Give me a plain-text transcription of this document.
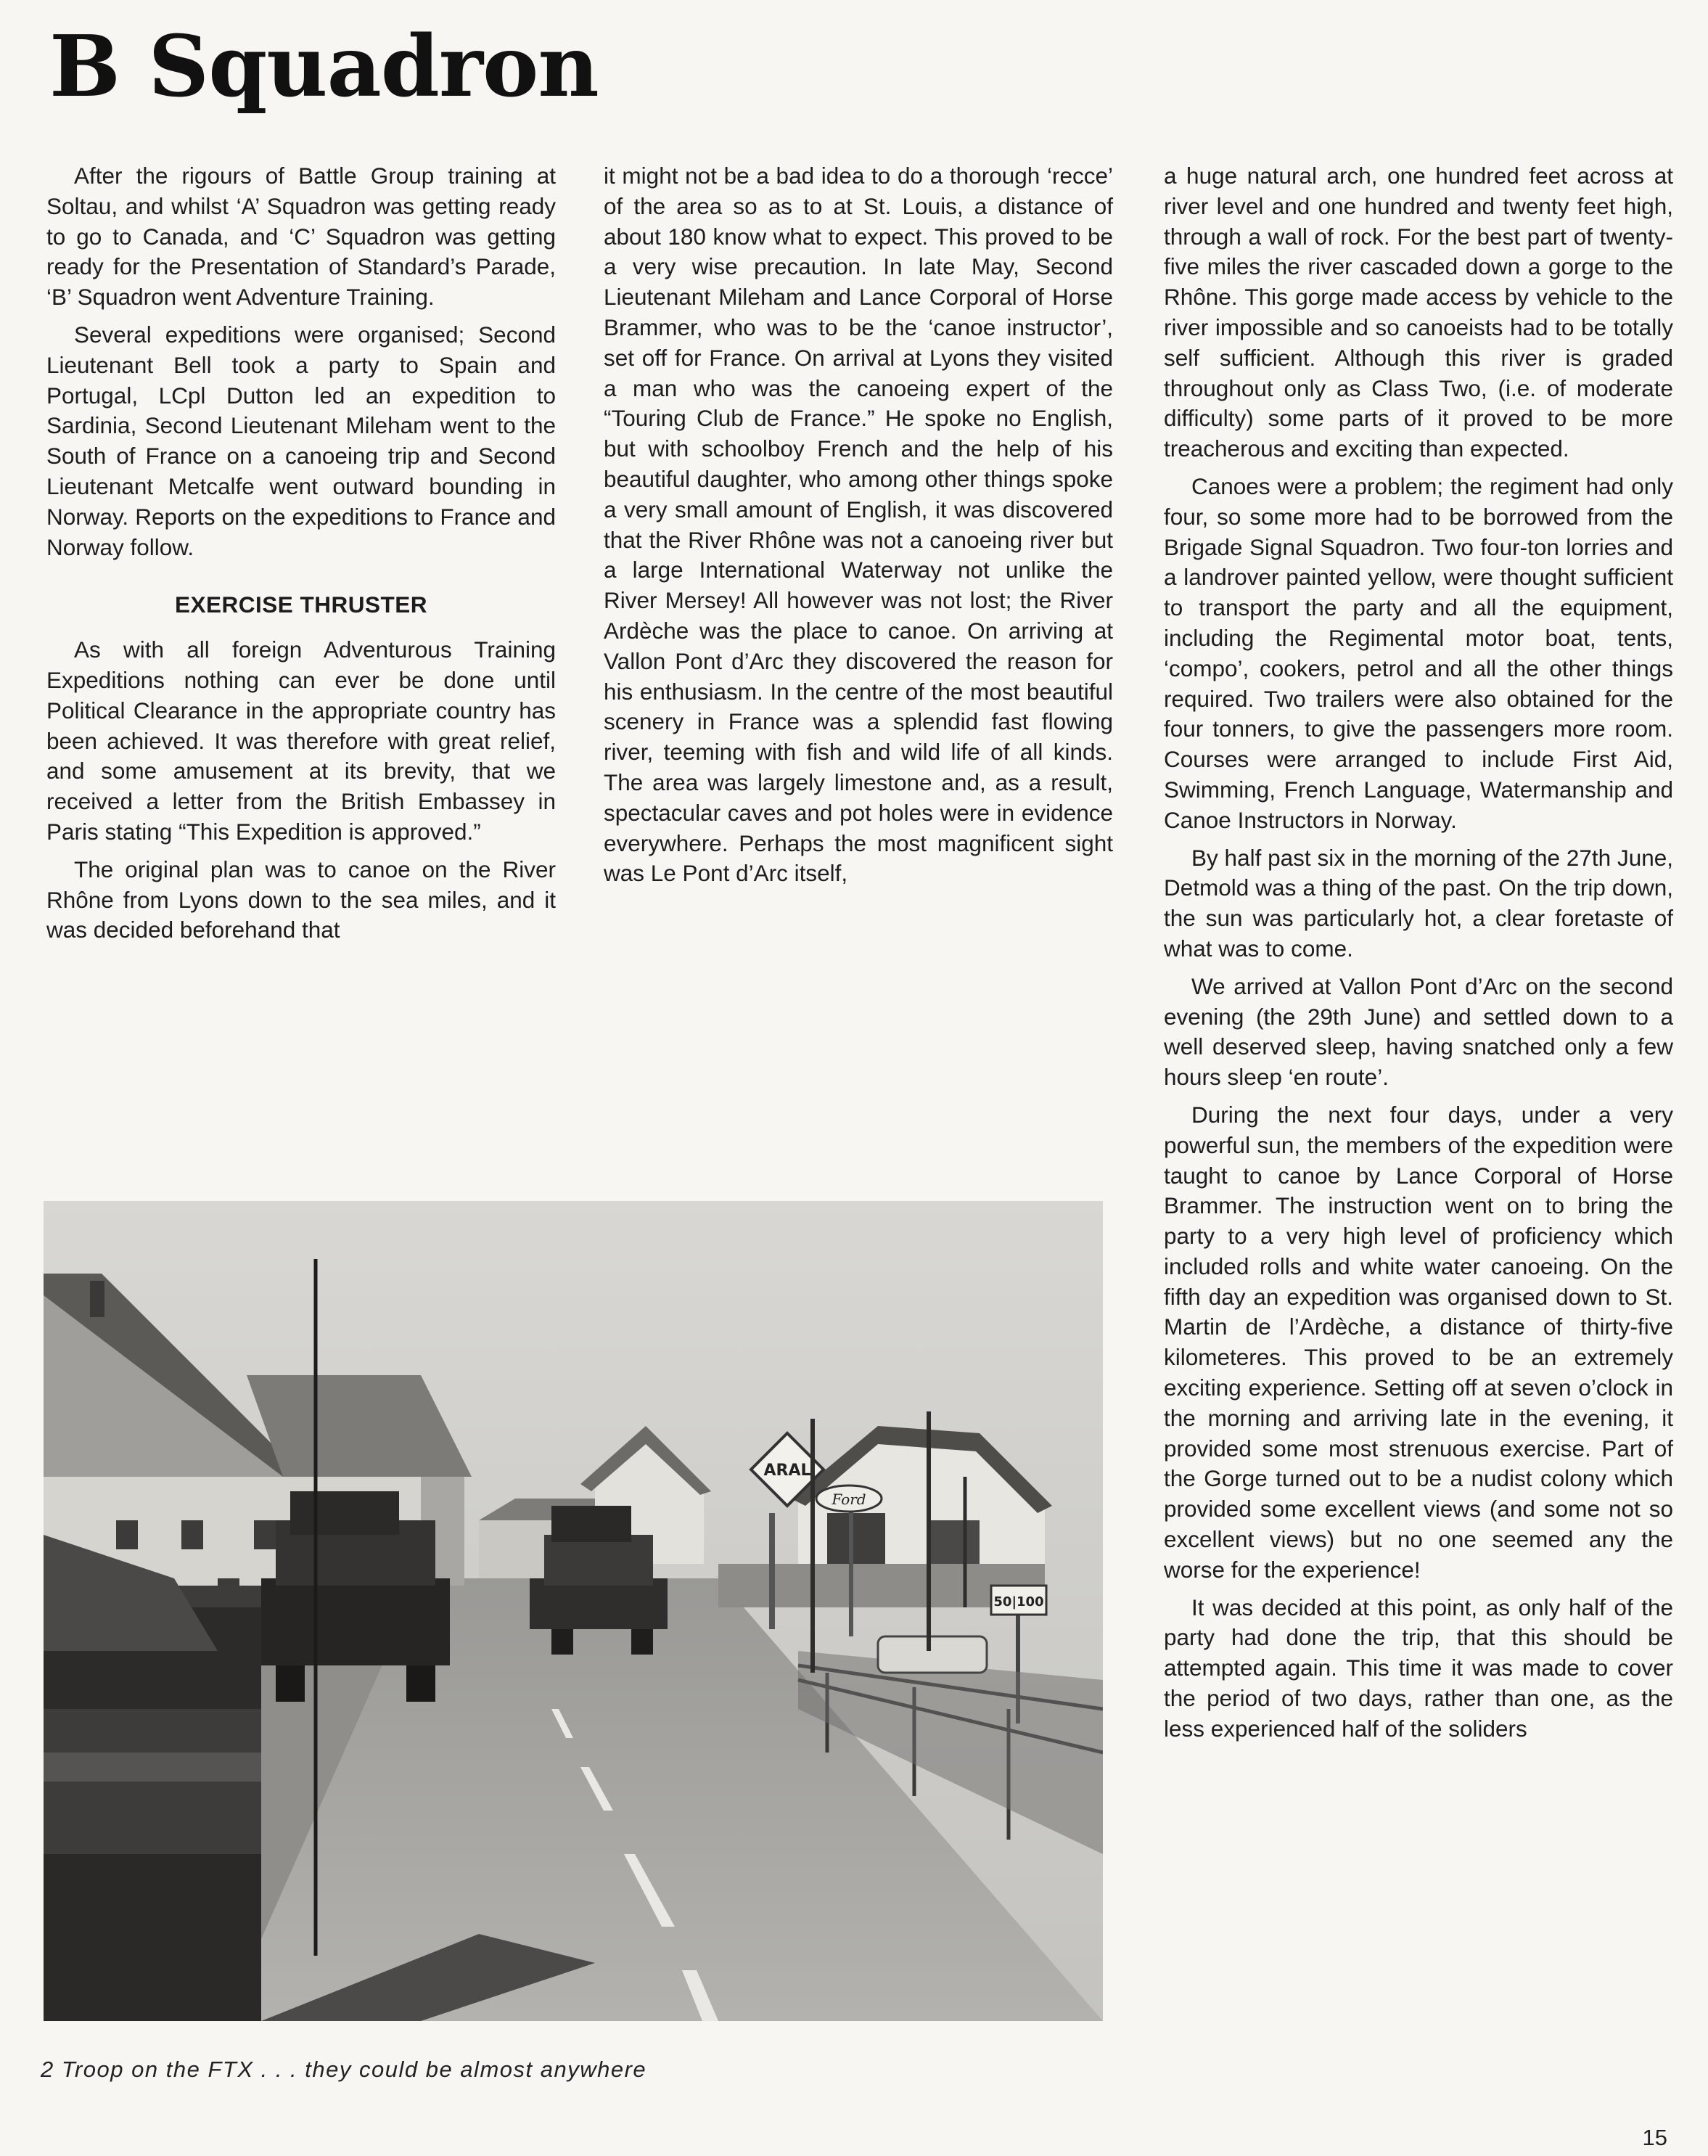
B Squadron

After the rigours of Battle Group training at Soltau, and whilst ‘A’ Squadron was getting ready to go to Canada, and ‘C’ Squadron was getting ready for the Presentation of Standard’s Parade, ‘B’ Squadron went Adventure Training.

Several expeditions were organised; Second Lieutenant Bell took a party to Spain and Portugal, LCpl Dutton led an expedition to Sardinia, Second Lieutenant Mileham went to the South of France on a canoeing trip and Second Lieutenant Metcalfe went outward bounding in Norway. Reports on the expeditions to France and Norway follow.

EXERCISE THRUSTER

As with all foreign Adventurous Training Expeditions nothing can ever be done until Political Clearance in the appropriate country has been achieved. It was therefore with great relief, and some amusement at its brevity, that we received a letter from the British Embassey in Paris stating “This Expedition is approved.”

The original plan was to canoe on the River Rhône from Lyons down to the sea miles, and it was decided beforehand that

it might not be a bad idea to do a thorough ‘recce’ of the area so as to at St. Louis, a distance of about 180 know what to expect. This proved to be a very wise precaution. In late May, Second Lieutenant Mileham and Lance Corporal of Horse Brammer, who was to be the ‘canoe instructor’, set off for France. On arrival at Lyons they visited a man who was the canoeing expert of the “Touring Club de France.” He spoke no English, but with schoolboy French and the help of his beautiful daughter, who among other things spoke a very small amount of English, it was discovered that the River Rhône was not a canoeing river but a large International Waterway not unlike the River Mersey! All however was not lost; the River Ardèche was the place to canoe. On arriving at Vallon Pont d’Arc they discovered the reason for his enthusiasm. In the centre of the most beautiful scenery in France was a splendid fast flowing river, teeming with fish and wild life of all kinds. The area was largely limestone and, as a result, spectacular caves and pot holes were in evidence everywhere. Perhaps the most magnificent sight was Le Pont d’Arc itself,

a huge natural arch, one hundred feet across at river level and one hundred and twenty feet high, through a wall of rock. For the best part of twenty-five miles the river cascaded down a gorge to the Rhône. This gorge made access by vehicle to the river impossible and so canoeists had to be totally self sufficient. Although this river is graded throughout only as Class Two, (i.e. of moderate difficulty) some parts of it proved to be more treacherous and exciting than expected.

Canoes were a problem; the regiment had only four, so some more had to be borrowed from the Brigade Signal Squadron. Two four-ton lorries and a landrover painted yellow, were thought sufficient to transport the party and all the equipment, including the Regimental motor boat, tents, ‘compo’, cookers, petrol and all the other things required. Two trailers were also obtained for the four tonners, to give the passengers more room. Courses were arranged to include First Aid, Swimming, French Language, Watermanship and Canoe Instructors in Norway.

By half past six in the morning of the 27th June, Detmold was a thing of the past. On the trip down, the sun was particularly hot, a clear foretaste of what was to come.

We arrived at Vallon Pont d’Arc on the second evening (the 29th June) and settled down to a well deserved sleep, having snatched only a few hours sleep ‘en route’.

During the next four days, under a very powerful sun, the members of the expedition were taught to canoe by Lance Corporal of Horse Brammer. The instruction went on to bring the party to a very high level of proficiency which included rolls and white water canoeing. On the fifth day an expedition was organised down to St. Martin de l’Ardèche, a distance of thirty-five kilometeres. This proved to be an extremely exciting experience. Setting off at seven o’clock in the morning and arriving late in the evening, it provided some most strenuous exercise. Part of the Gorge turned out to be a nudist colony which provided some excellent views (and some not so excellent views) but no one seemed any the worse for the experience!

It was decided at this point, as only half of the party had done the trip, that this should be attempted again. This time it was made to cover the period of two days, rather than one, as the less experienced half of the soliders

ARAL
Ford
50|100

2 Troop on the FTX . . . they could be almost anywhere

15
